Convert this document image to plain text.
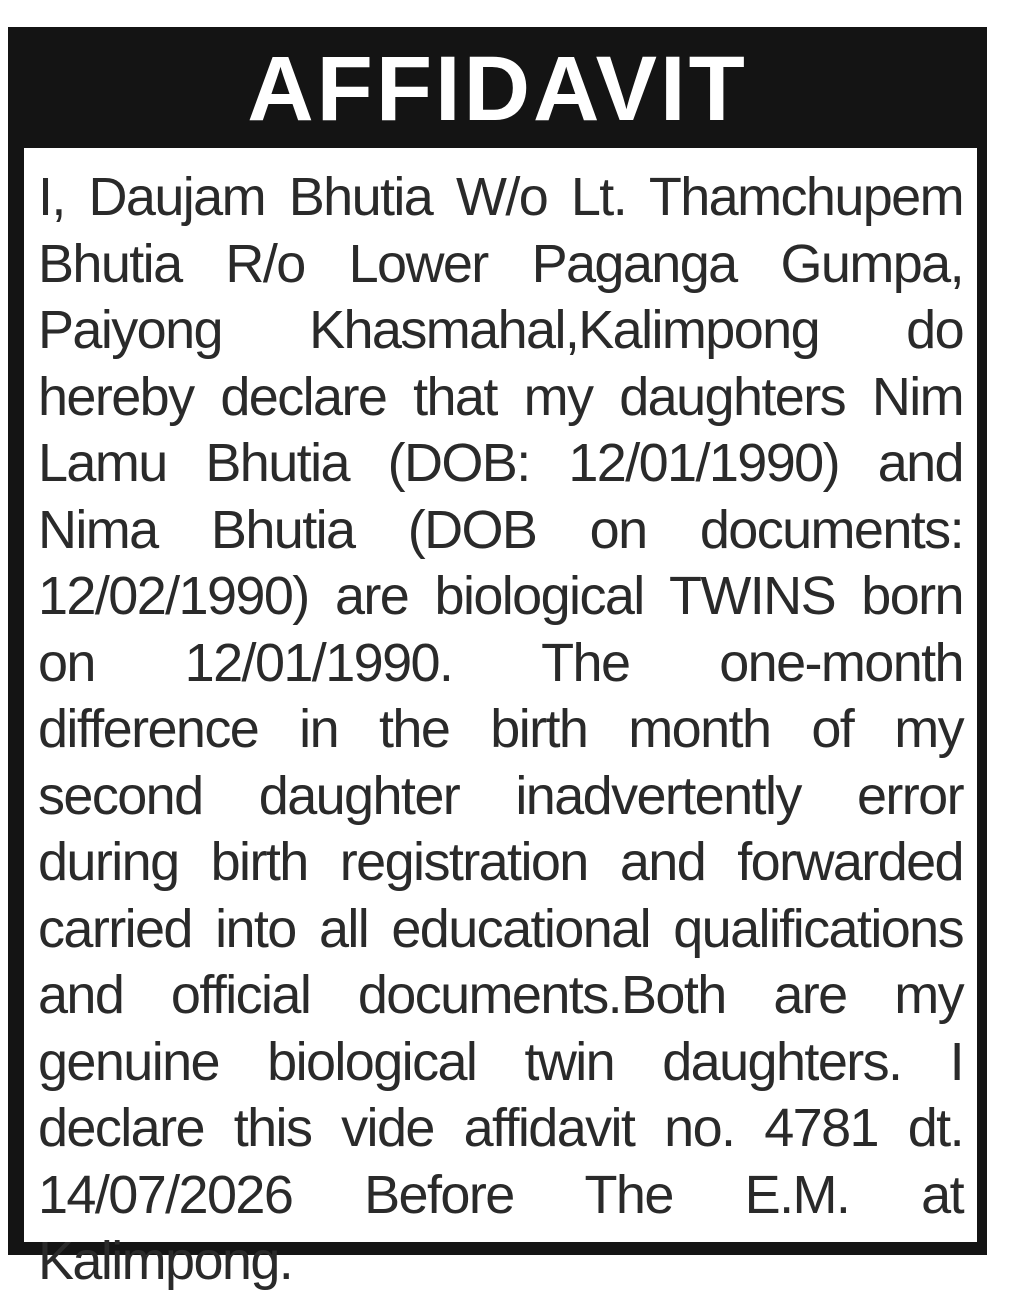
AFFIDAVIT

I, Daujam Bhutia W/o Lt. Thamchupem Bhutia R/o Lower Paganga Gumpa, Paiyong Khasmahal,Kalimpong do hereby declare that my daughters Nim Lamu Bhutia (DOB: 12/01/1990) and Nima Bhutia (DOB on documents: 12/02/1990) are biological TWINS born on 12/01/1990. The one-month difference in the birth month of my second daughter inadvertently error during birth registration and forwarded carried into all educational qualifications and official documents.Both are my genuine biological twin daughters. I declare this vide affidavit no. 4781 dt. 14/07/2026 Before The E.M. at Kalimpong.
